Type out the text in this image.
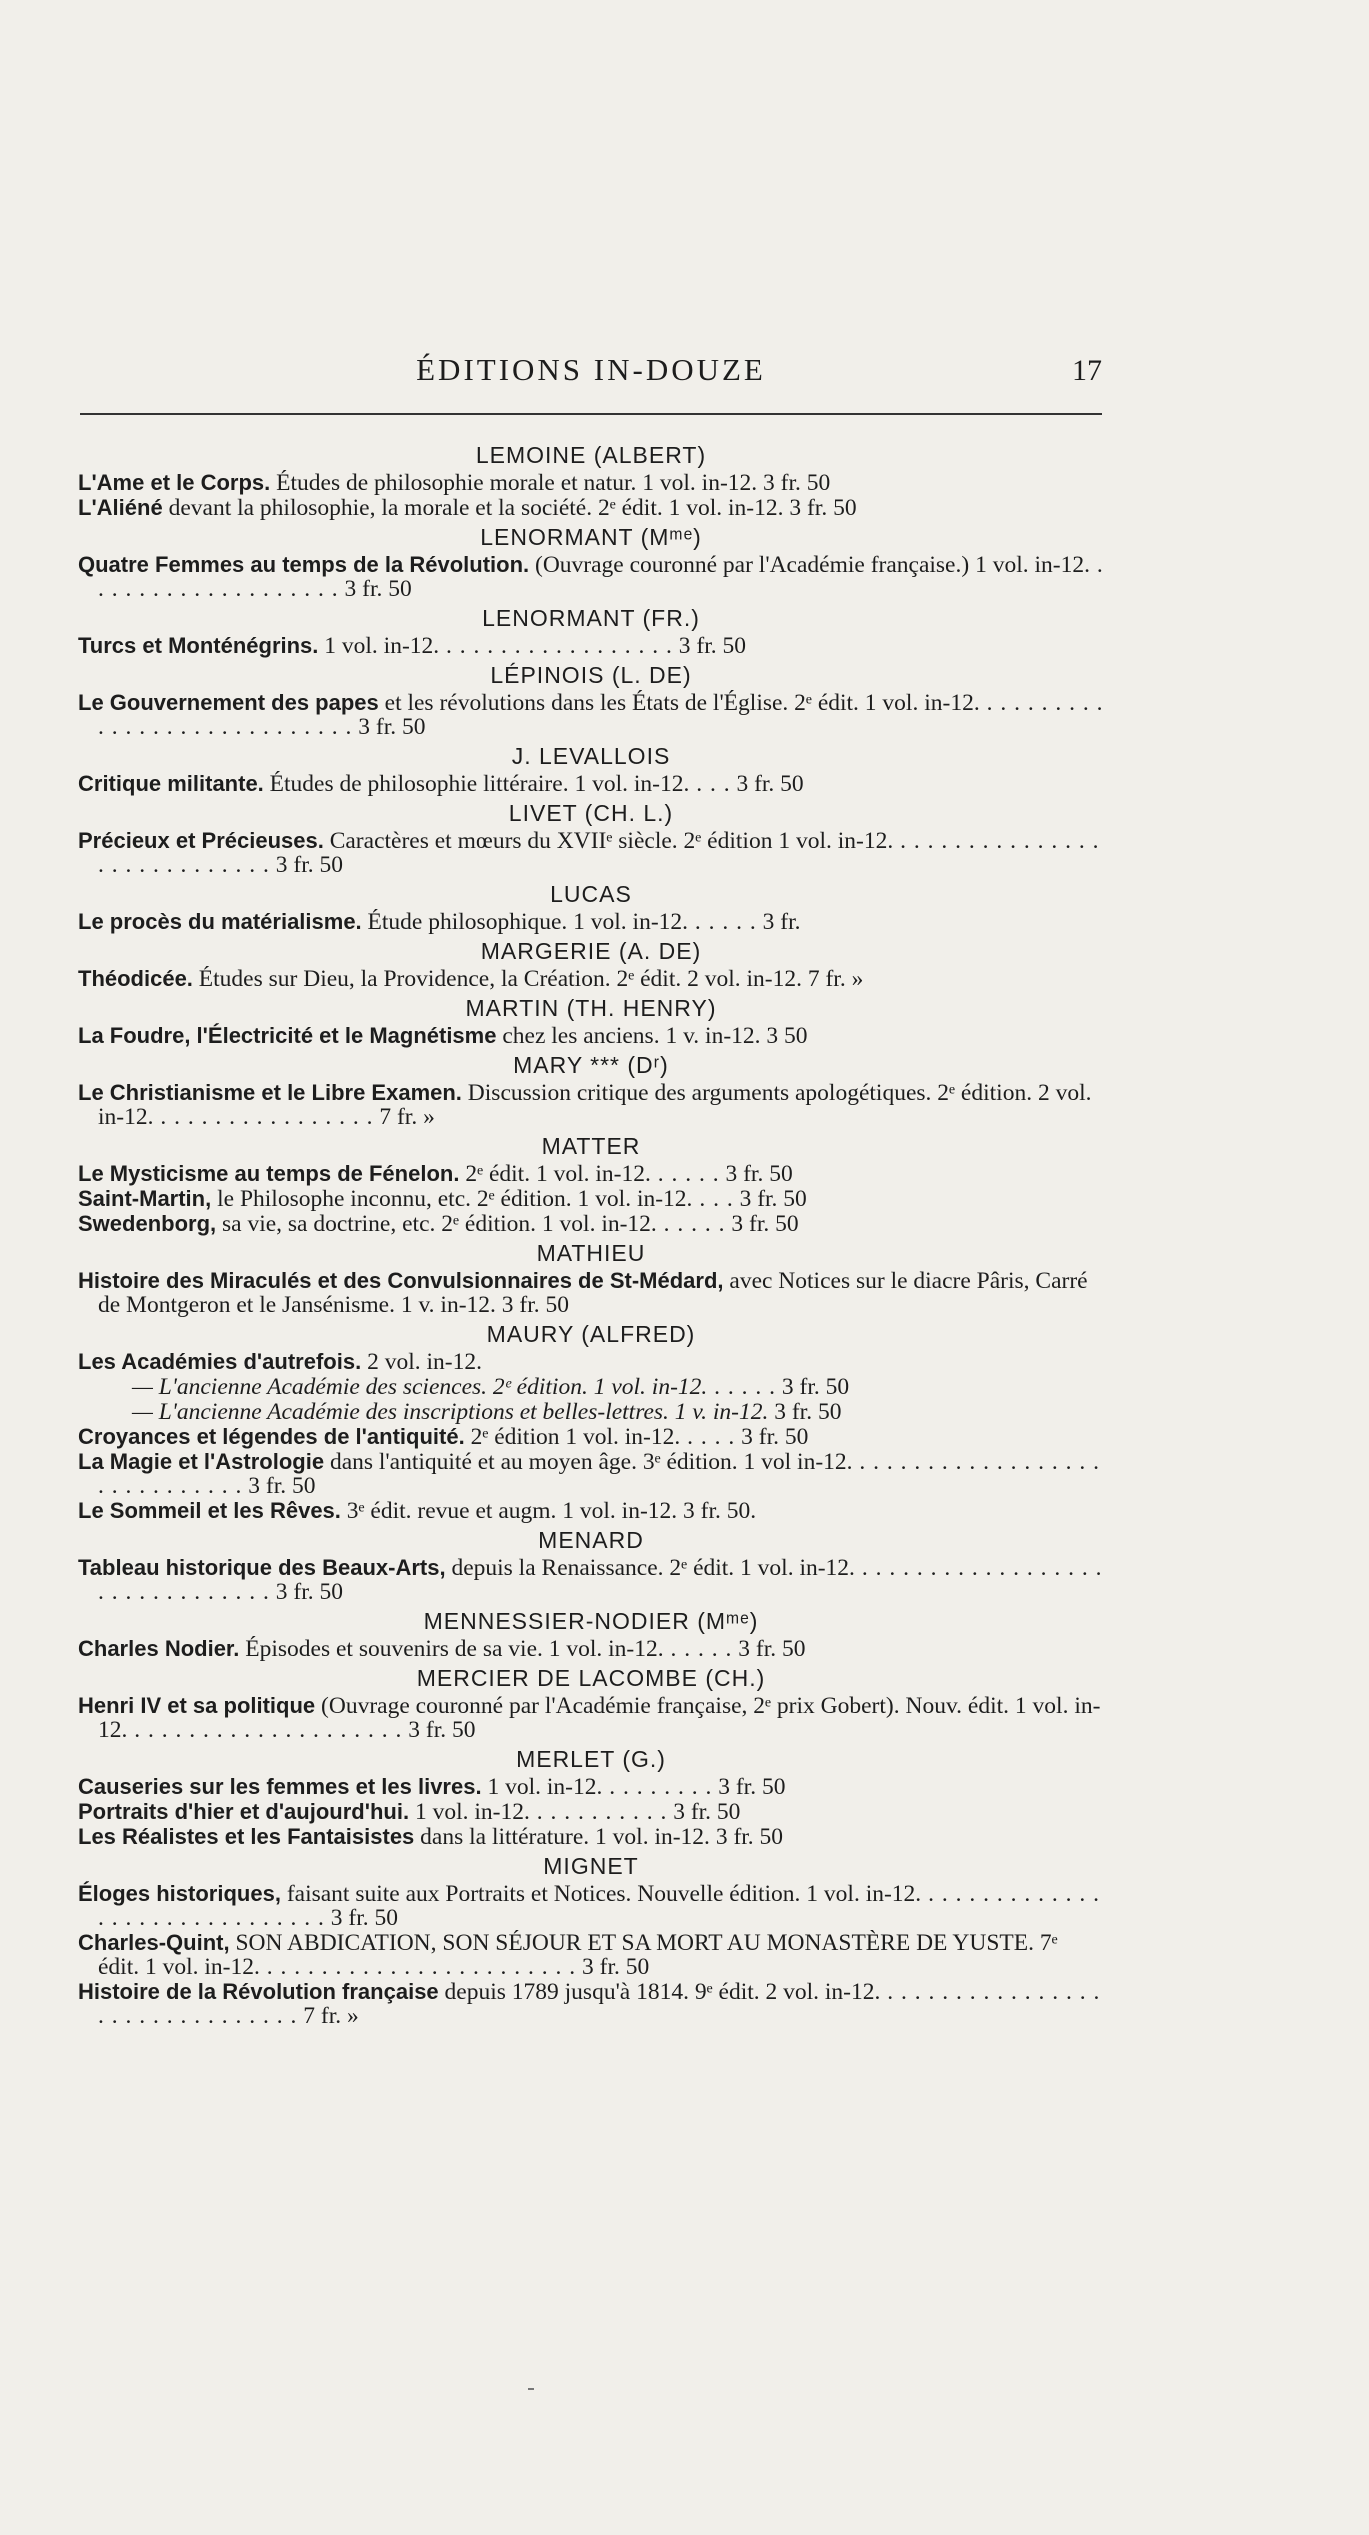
ÉDITIONS IN-DOUZE	17
LEMOINE (ALBERT)
L'Ame et le Corps. Études de philosophie morale et natur. 1 vol. in-12. 3 fr. 50
L'Aliéné devant la philosophie, la morale et la société. 2ᵉ édit. 1 vol. in-12. 3 fr. 50
LENORMANT (Mᵐᵉ)
Quatre Femmes au temps de la Révolution. (Ouvrage couronné par l'Académie française.) 1 vol. in-12. . . . . . . . . . . . . . . . . . . . 3 fr. 50
LENORMANT (FR.)
Turcs et Monténégrins. 1 vol. in-12. . . . . . . . . . . . . . . . . . 3 fr. 50
LÉPINOIS (L. DE)
Le Gouvernement des papes et les révolutions dans les États de l'Église. 2ᵉ édit. 1 vol. in-12. . . . . . . . . . . . . . . . . . . . . . . . . . . . . 3 fr. 50
J. LEVALLOIS
Critique militante. Études de philosophie littéraire. 1 vol. in-12. . . . 3 fr. 50
LIVET (CH. L.)
Précieux et Précieuses. Caractères et mœurs du XVIIᵉ siècle. 2ᵉ édition 1 vol. in-12. . . . . . . . . . . . . . . . . . . . . . . . . . . . . 3 fr. 50
LUCAS
Le procès du matérialisme. Étude philosophique. 1 vol. in-12. . . . . . 3 fr.
MARGERIE (A. DE)
Théodicée. Études sur Dieu, la Providence, la Création. 2ᵉ édit. 2 vol. in-12. 7 fr. »
MARTIN (TH. HENRY)
La Foudre, l'Électricité et le Magnétisme chez les anciens. 1 v. in-12. 3 50
MARY *** (Dʳ)
Le Christianisme et le Libre Examen. Discussion critique des arguments apologétiques. 2ᵉ édition. 2 vol. in-12. . . . . . . . . . . . . . . . . 7 fr. »
MATTER
Le Mysticisme au temps de Fénelon. 2ᵉ édit. 1 vol. in-12. . . . . . 3 fr. 50
Saint-Martin, le Philosophe inconnu, etc. 2ᵉ édition. 1 vol. in-12. . . . 3 fr. 50
Swedenborg, sa vie, sa doctrine, etc. 2ᵉ édition. 1 vol. in-12. . . . . . 3 fr. 50
MATHIEU
Histoire des Miraculés et des Convulsionnaires de St-Médard, avec Notices sur le diacre Pâris, Carré de Montgeron et le Jansénisme. 1 v. in-12. 3 fr. 50
MAURY (ALFRED)
Les Académies d'autrefois. 2 vol. in-12.
— L'ancienne Académie des sciences. 2ᵉ édition. 1 vol. in-12. . . . . . 3 fr. 50
— L'ancienne Académie des inscriptions et belles-lettres. 1 v. in-12. 3 fr. 50
Croyances et légendes de l'antiquité. 2ᵉ édition 1 vol. in-12. . . . . 3 fr. 50
La Magie et l'Astrologie dans l'antiquité et au moyen âge. 3ᵉ édition. 1 vol in-12. . . . . . . . . . . . . . . . . . . . . . . . . . . . . . 3 fr. 50
Le Sommeil et les Rêves. 3ᵉ édit. revue et augm. 1 vol. in-12. 3 fr. 50.
MENARD
Tableau historique des Beaux-Arts, depuis la Renaissance. 2ᵉ édit. 1 vol. in-12. . . . . . . . . . . . . . . . . . . . . . . . . . . . . . . . 3 fr. 50
MENNESSIER-NODIER (Mᵐᵉ)
Charles Nodier. Épisodes et souvenirs de sa vie. 1 vol. in-12. . . . . . 3 fr. 50
MERCIER DE LACOMBE (CH.)
Henri IV et sa politique (Ouvrage couronné par l'Académie française, 2ᵉ prix Gobert). Nouv. édit. 1 vol. in-12. . . . . . . . . . . . . . . . . . . . . 3 fr. 50
MERLET (G.)
Causeries sur les femmes et les livres. 1 vol. in-12. . . . . . . . . 3 fr. 50
Portraits d'hier et d'aujourd'hui. 1 vol. in-12. . . . . . . . . . . 3 fr. 50
Les Réalistes et les Fantaisistes dans la littérature. 1 vol. in-12. 3 fr. 50
MIGNET
Éloges historiques, faisant suite aux Portraits et Notices. Nouvelle édition. 1 vol. in-12. . . . . . . . . . . . . . . . . . . . . . . . . . . . . . . 3 fr. 50
Charles-Quint, SON ABDICATION, SON SÉJOUR ET SA MORT AU MONASTÈRE DE YUSTE. 7ᵉ édit. 1 vol. in-12. . . . . . . . . . . . . . . . . . . . . . . . 3 fr. 50
Histoire de la Révolution française depuis 1789 jusqu'à 1814. 9ᵉ édit. 2 vol. in-12. . . . . . . . . . . . . . . . . . . . . . . . . . . . . . . . 7 fr. »
